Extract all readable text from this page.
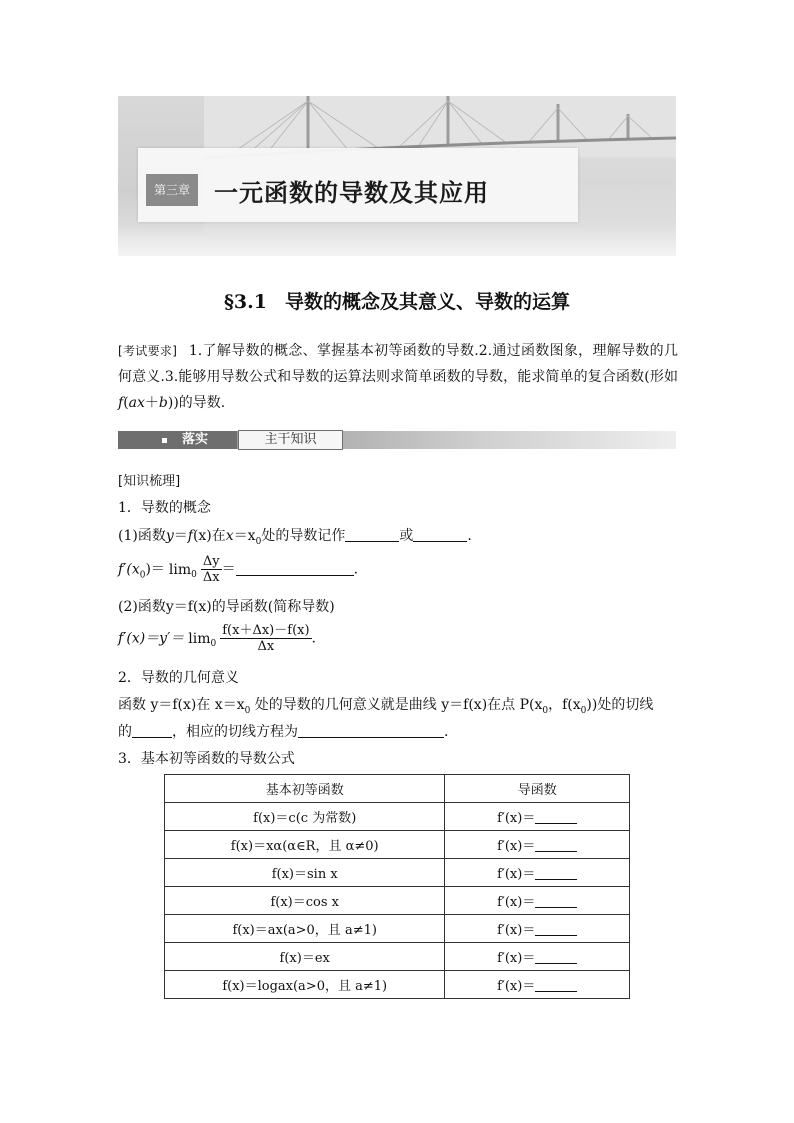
第三章	一元函数的导数及其应用
§3.1 导数的概念及其意义、导数的运算
[考试要求] 1.了解导数的概念、掌握基本初等函数的导数.2.通过函数图象，理解导数的几何意义.3.能够用导数公式和导数的运算法则求简单函数的导数，能求简单的复合函数(形如f(ax＋b))的导数.
落实	主干知识
[知识梳理]
1．导数的概念
(1)函数y＝f(x)在$x=x_0$处的导数记作	或	.
$f'(x_0)= \lim_0 \frac{\Delta y}{\Delta x}$ ＝	.
(2)函数y＝f(x)的导函数(简称导数)
$f'(x)=y'= \lim_0 \frac{f(x+\Delta x)-f(x)}{\Delta x}$ .
2．导数的几何意义
函数 y＝f(x)在 $x=x_0$ 处的导数的几何意义就是曲线 y＝f(x)在点 $P(x_0$，$f(x_0)$)处的切线
的	，相应的切线方程为	.
3．基本初等函数的导数公式
基本初等函数	导函数
f(x)＝c(c 为常数)	f′(x)＝
f(x)＝xα(α∈R，且 α≠0)	f′(x)＝
f(x)＝sin x	f′(x)＝
f(x)＝cos x	f′(x)＝
f(x)＝ax(a>0，且 a≠1)	f′(x)＝
f(x)＝ex	f′(x)＝
f(x)＝logax(a>0，且 a≠1)	f′(x)＝
